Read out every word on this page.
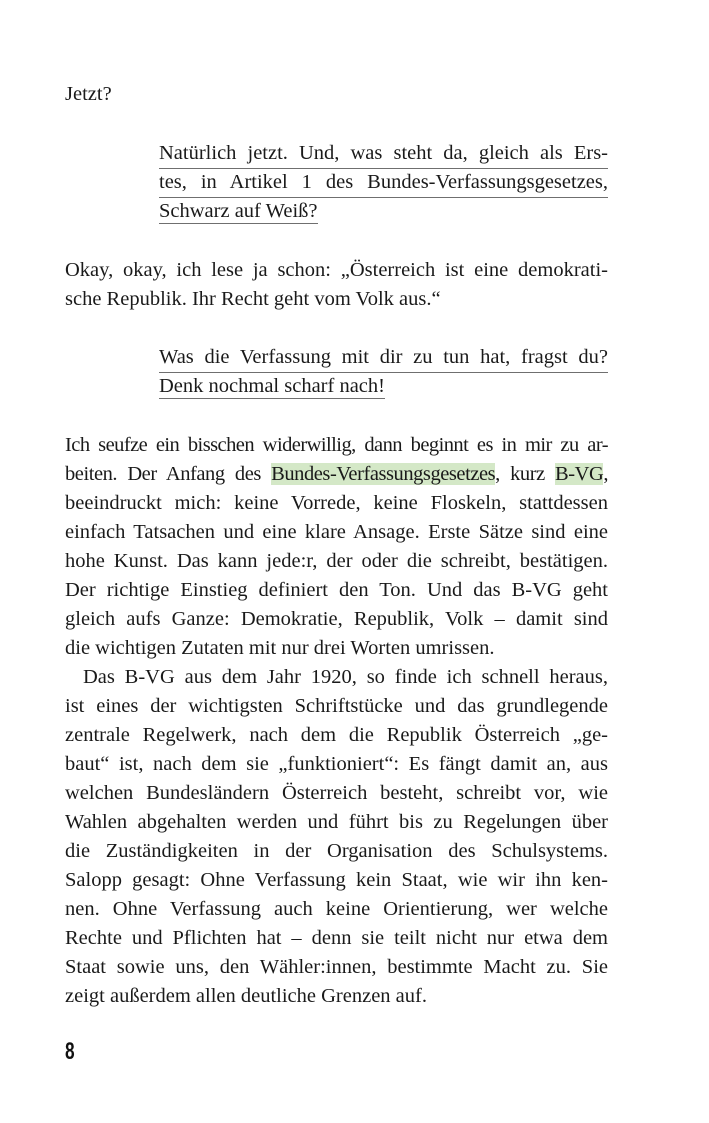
Jetzt?
Natürlich jetzt. Und, was steht da, gleich als Ers-
tes, in Artikel 1 des Bundes-Verfassungsgesetzes,
Schwarz auf Weiß?
Okay, okay, ich lese ja schon: „Österreich ist eine demokrati-
sche Republik. Ihr Recht geht vom Volk aus.“
Was die Verfassung mit dir zu tun hat, fragst du?
Denk nochmal scharf nach!
Ich seufze ein bisschen widerwillig, dann beginnt es in mir zu ar-
beiten. Der Anfang des Bundes-Verfassungsgesetzes, kurz B-VG,
beeindruckt mich: keine Vorrede, keine Floskeln, stattdessen
einfach Tatsachen und eine klare Ansage. Erste Sätze sind eine
hohe Kunst. Das kann jede:r, der oder die schreibt, bestätigen.
Der richtige Einstieg definiert den Ton. Und das B-VG geht
gleich aufs Ganze: Demokratie, Republik, Volk – damit sind
die wichtigen Zutaten mit nur drei Worten umrissen.
Das B-VG aus dem Jahr 1920, so finde ich schnell heraus,
ist eines der wichtigsten Schriftstücke und das grundlegende
zentrale Regelwerk, nach dem die Republik Österreich „ge-
baut“ ist, nach dem sie „funktioniert“: Es fängt damit an, aus
welchen Bundesländern Österreich besteht, schreibt vor, wie
Wahlen abgehalten werden und führt bis zu Regelungen über
die Zuständigkeiten in der Organisation des Schulsystems.
Salopp gesagt: Ohne Verfassung kein Staat, wie wir ihn ken-
nen. Ohne Verfassung auch keine Orientierung, wer welche
Rechte und Pflichten hat – denn sie teilt nicht nur etwa dem
Staat sowie uns, den Wähler:innen, bestimmte Macht zu. Sie
zeigt außerdem allen deutliche Grenzen auf.
8
